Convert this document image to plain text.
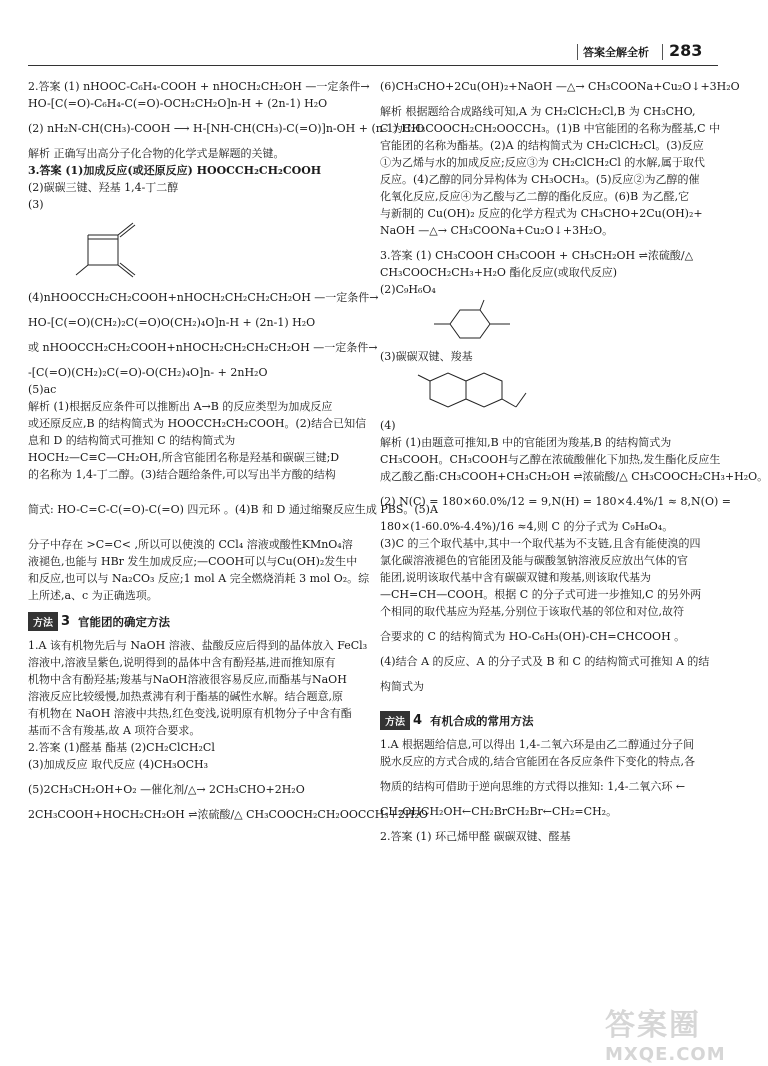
答案全解全析 283
2.答案 (1) nHOOC-C₆H₄-COOH + nHOCH₂CH₂OH —一定条件→
HO-[C(=O)-C₆H₄-C(=O)-OCH₂CH₂O]n-H + (2n-1) H₂O
(2) nH₂N-CH(CH₃)-COOH ⟶ H-[NH-CH(CH₃)-C(=O)]n-OH + (n-1) H₂O
解析 正确写出高分子化合物的化学式是解题的关键。
3.答案 (1)加成反应(或还原反应) HOOCCH₂CH₂COOH
(2)碳碳三键、羟基 1,4-丁二醇
(3)
(4)nHOOCCH₂CH₂COOH+nHOCH₂CH₂CH₂CH₂OH —一定条件→
HO-[C(=O)(CH₂)₂C(=O)O(CH₂)₄O]n-H + (2n-1) H₂O
或 nHOOCCH₂CH₂COOH+nHOCH₂CH₂CH₂CH₂OH —一定条件→
-[C(=O)(CH₂)₂C(=O)-O(CH₂)₄O]n- + 2nH₂O
(5)ac
解析 (1)根据反应条件可以推断出 A→B 的反应类型为加成反应
或还原反应,B 的结构简式为 HOOCCH₂CH₂COOH。(2)结合已知信
息和 D 的结构简式可推知 C 的结构简式为
HOCH₂—C≡C—CH₂OH,所含官能团名称是羟基和碳碳三键;D
的名称为 1,4-丁二醇。(3)结合题给条件,可以写出半方酸的结构
简式: HO-C=C-C(=O)-C(=O) 四元环 。(4)B 和 D 通过缩聚反应生成 PBS。(5)A
分子中存在 >C=C< ,所以可以使溴的 CCl₄ 溶液或酸性KMnO₄溶
液褪色,也能与 HBr 发生加成反应;—COOH可以与Cu(OH)₂发生中
和反应,也可以与 Na₂CO₃ 反应;1 mol A 完全燃烧消耗 3 mol O₂。综
上所述,a、c 为正确选项。
方法 3 官能团的确定方法
1.A 该有机物先后与 NaOH 溶液、盐酸反应后得到的晶体放入 FeCl₃
溶液中,溶液呈紫色,说明得到的晶体中含有酚羟基,进而推知原有
机物中含有酚羟基;羧基与NaOH溶液很容易反应,而酯基与NaOH
溶液反应比较缓慢,加热煮沸有利于酯基的碱性水解。结合题意,原
有机物在 NaOH 溶液中共热,红色变浅,说明原有机物分子中含有酯
基而不含有羧基,故 A 项符合要求。
2.答案 (1)醛基 酯基 (2)CH₂ClCH₂Cl
(3)加成反应 取代反应 (4)CH₃OCH₃
(5)2CH₃CH₂OH+O₂ —催化剂/△→ 2CH₃CHO+2H₂O
2CH₃COOH+HOCH₂CH₂OH ⇌浓硫酸/△ CH₃COOCH₂CH₂OOCCH₃+2H₂O
(6)CH₃CHO+2Cu(OH)₂+NaOH —△→ CH₃COONa+Cu₂O↓+3H₂O
解析 根据题给合成路线可知,A 为 CH₂ClCH₂Cl,B 为 CH₃CHO,
C 为CH₃COOCH₂CH₂OOCCH₃。(1)B 中官能团的名称为醛基,C 中
官能团的名称为酯基。(2)A 的结构简式为 CH₂ClCH₂Cl。(3)反应
①为乙烯与水的加成反应;反应③为 CH₂ClCH₂Cl 的水解,属于取代
反应。(4)乙醇的同分异构体为 CH₃OCH₃。(5)反应②为乙醇的催
化氧化反应,反应④为乙酸与乙二醇的酯化反应。(6)B 为乙醛,它
与新制的 Cu(OH)₂ 反应的化学方程式为 CH₃CHO+2Cu(OH)₂+
NaOH —△→ CH₃COONa+Cu₂O↓+3H₂O。
3.答案 (1) CH₃COOH CH₃COOH + CH₃CH₂OH ⇌浓硫酸/△
CH₃COOCH₂CH₃+H₂O 酯化反应(或取代反应)
(2)C₉H₆O₄
(3)碳碳双键、羧基
(4)
解析 (1)由题意可推知,B 中的官能团为羧基,B 的结构简式为
CH₃COOH。CH₃COOH与乙醇在浓硫酸催化下加热,发生酯化反应生
成乙酸乙酯:CH₃COOH+CH₃CH₂OH ⇌浓硫酸/△ CH₃COOCH₂CH₃+H₂O。
(2) N(C) = 180×60.0%/12 = 9,N(H) = 180×4.4%/1 ≈ 8,N(O) =
180×(1-60.0%-4.4%)/16 ≈4,则 C 的分子式为 C₉H₈O₄。
(3)C 的三个取代基中,其中一个取代基为不支链,且含有能使溴的四
氯化碳溶液褪色的官能团及能与碳酸氢钠溶液反应放出气体的官
能团,说明该取代基中含有碳碳双键和羧基,则该取代基为
—CH=CH—COOH。根据 C 的分子式可进一步推知,C 的另外两
个相同的取代基应为羟基,分别位于该取代基的邻位和对位,故符
合要求的 C 的结构简式为 HO-C₆H₃(OH)-CH=CHCOOH 。
(4)结合 A 的反应、A 的分子式及 B 和 C 的结构简式可推知 A 的结
构简式为
方法 4 有机合成的常用方法
1.A 根据题给信息,可以得出 1,4-二氧六环是由乙二醇通过分子间
脱水反应的方式合成的,结合官能团在各反应条件下变化的特点,各
物质的结构可借助于逆向思维的方式得以推知: 1,4-二氧六环 ←
CH₂OHCH₂OH←CH₂BrCH₂Br←CH₂=CH₂。
2.答案 (1) 环己烯甲醛 碳碳双键、醛基
答案圈
MXQE.COM
